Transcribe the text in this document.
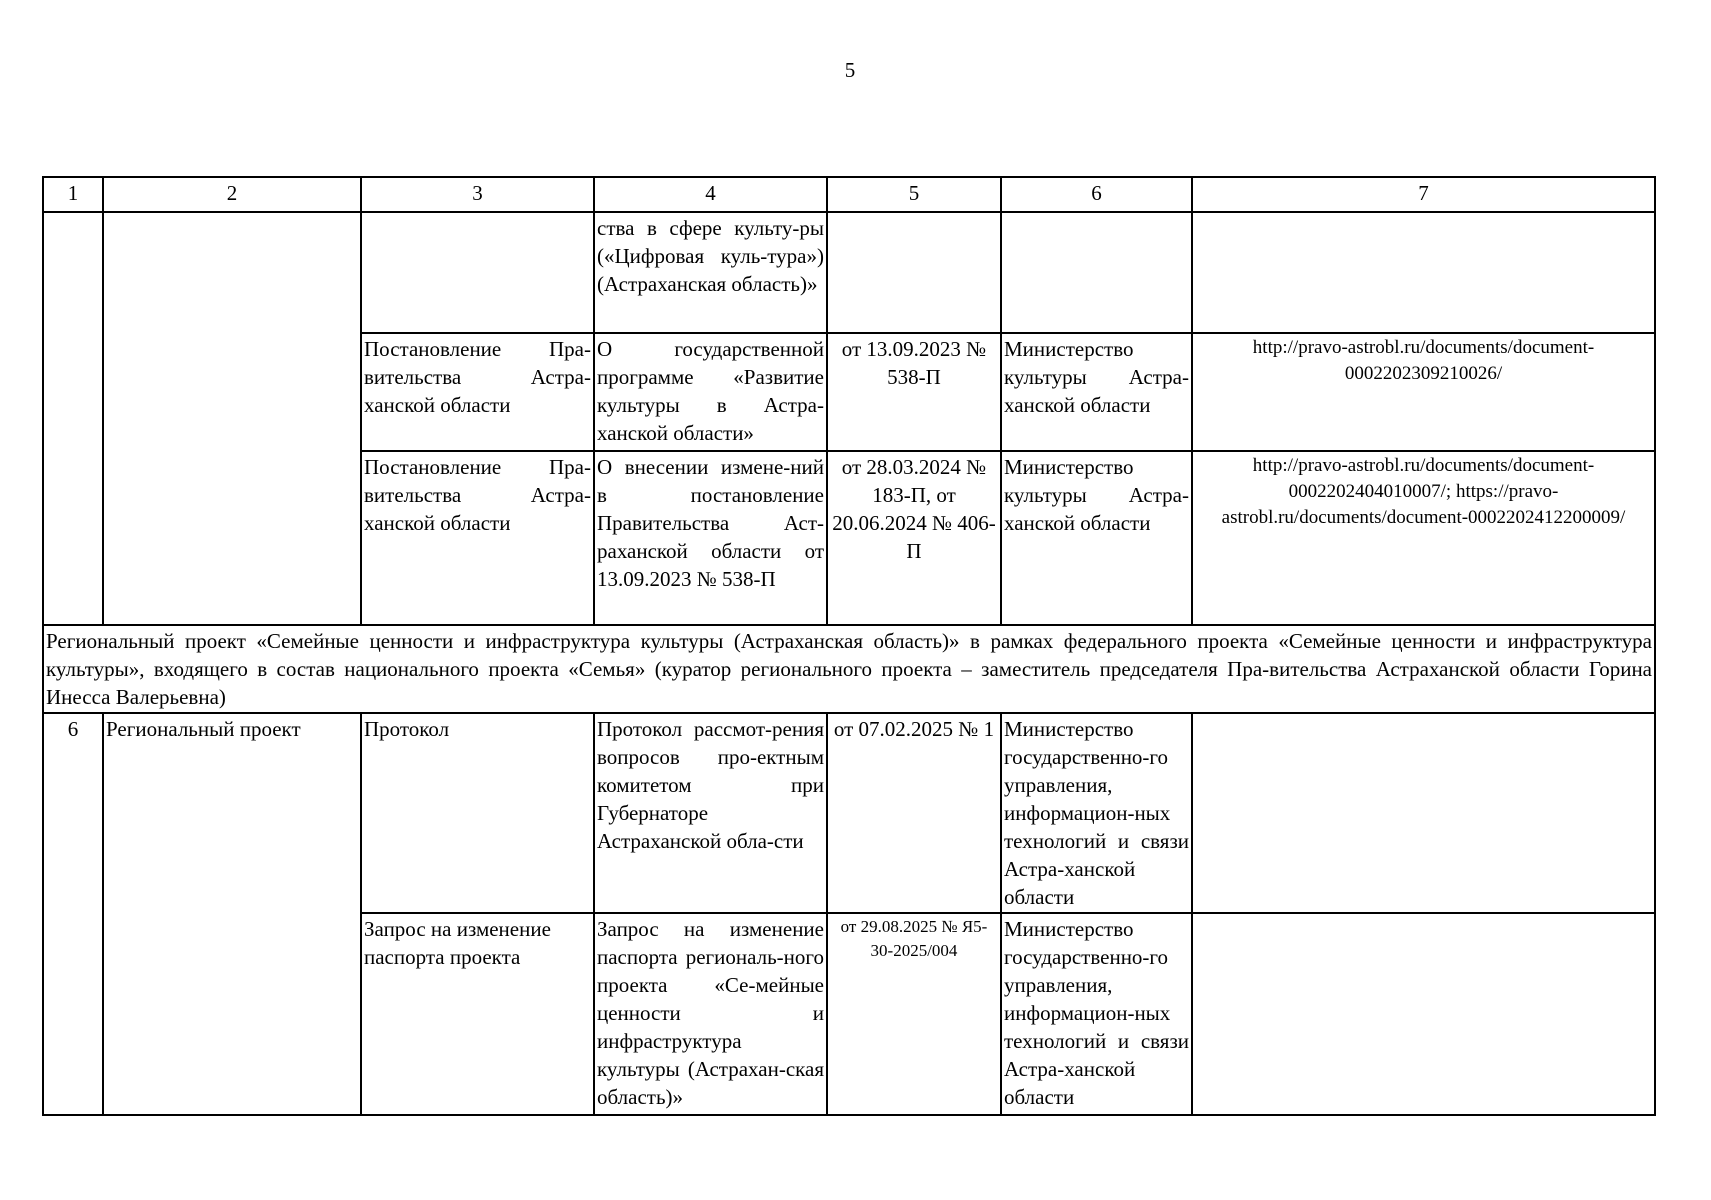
5
1	2	3	4	5	6	7
			ства в сфере культу-ры («Цифровая куль-тура») (Астраханская область)»			
		Постановление Пра-вительства Астра-ханской области	О государственной программе «Развитие культуры в Астра-ханской области»	от 13.09.2023 № 538-П	Министерство культуры Астра-ханской области	http://pravo-astrobl.ru/documents/document-0002202309210026/
		Постановление Пра-вительства Астра-ханской области	О внесении измене-ний в постановление Правительства Аст-раханской области от 13.09.2023 № 538-П	от 28.03.2024 № 183-П, от 20.06.2024 № 406-П	Министерство культуры Астра-ханской области	http://pravo-astrobl.ru/documents/document-0002202404010007/; https://pravo-astrobl.ru/documents/document-0002202412200009/
Региональный проект «Семейные ценности и инфраструктура культуры (Астраханская область)» в рамках федерального проекта «Семейные ценности и инфраструктура культуры», входящего в состав национального проекта «Семья» (куратор регионального проекта – заместитель председателя Пра-вительства Астраханской области Горина Инесса Валерьевна)						
6	Региональный проект	Протокол	Протокол рассмот-рения вопросов про-ектным комитетом при Губернаторе Астраханской обла-сти	от 07.02.2025 № 1	Министерство государственно-го управления, информацион-ных технологий и связи Астра-ханской области	
		Запрос на изменение паспорта проекта	Запрос на изменение паспорта региональ-ного проекта «Се-мейные ценности и инфраструктура культуры (Астрахан-ская область)»	от 29.08.2025 № Я5-30-2025/004	Министерство государственно-го управления, информацион-ных технологий и связи Астра-ханской области	
